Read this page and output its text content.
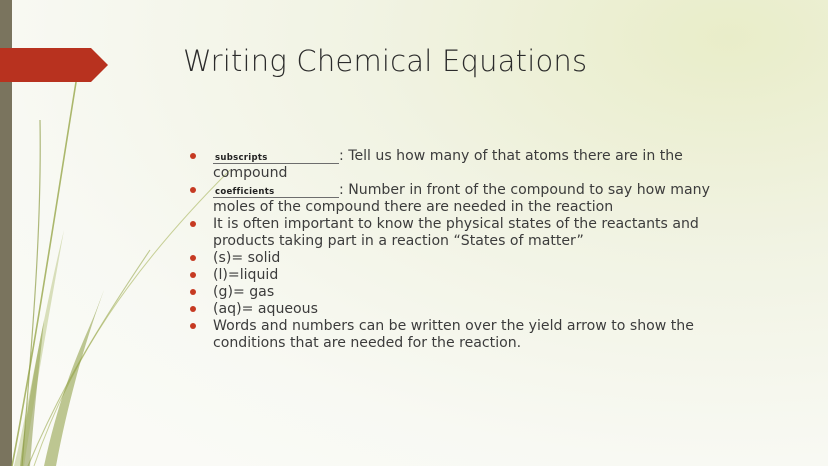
Writing Chemical Equations
subscripts	: Tell us how many of that atoms there are in the compound
coefficients	: Number in front of the compound to say how many moles of the compound there are needed in the reaction
It is often important to know the physical states of the reactants and products taking part in a reaction “States of matter”
(s)= solid
(l)=liquid
(g)= gas
(aq)= aqueous
Words and numbers can be written over the yield arrow to show the conditions that are needed for the reaction.
